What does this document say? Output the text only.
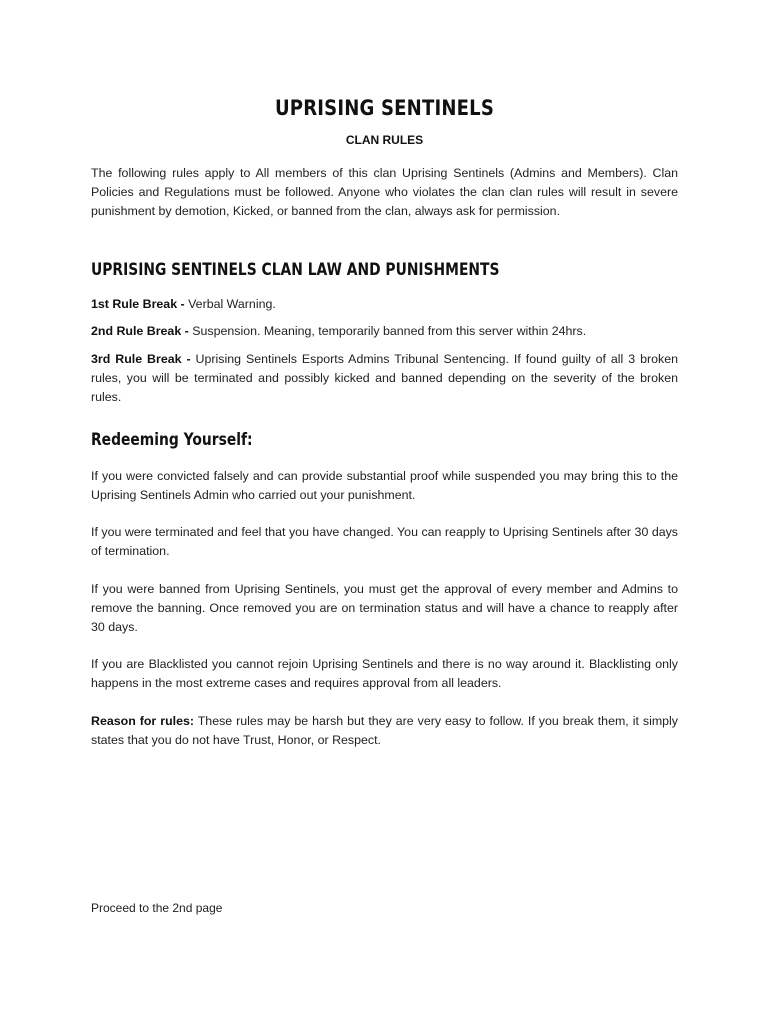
UPRISING SENTINELS
CLAN RULES

The following rules apply to All members of this clan Uprising Sentinels (Admins and Members). Clan Policies and Regulations must be followed. Anyone who violates the clan clan rules will result in severe punishment by demotion, Kicked, or banned from the clan, always ask for permission.

UPRISING SENTINELS CLAN LAW AND PUNISHMENTS

1st Rule Break - Verbal Warning.

2nd Rule Break - Suspension. Meaning, temporarily banned from this server within 24hrs.

3rd Rule Break - Uprising Sentinels Esports Admins Tribunal Sentencing. If found guilty of all 3 broken rules, you will be terminated and possibly kicked and banned depending on the severity of the broken rules.

Redeeming Yourself:

If you were convicted falsely and can provide substantial proof while suspended you may bring this to the Uprising Sentinels Admin who carried out your punishment.

If you were terminated and feel that you have changed. You can reapply to Uprising Sentinels after 30 days of termination.

If you were banned from Uprising Sentinels, you must get the approval of every member and Admins to remove the banning. Once removed you are on termination status and will have a chance to reapply after 30 days.

If you are Blacklisted you cannot rejoin Uprising Sentinels and there is no way around it. Blacklisting only happens in the most extreme cases and requires approval from all leaders.

Reason for rules: These rules may be harsh but they are very easy to follow. If you break them, it simply states that you do not have Trust, Honor, or Respect.

Proceed to the 2nd page
